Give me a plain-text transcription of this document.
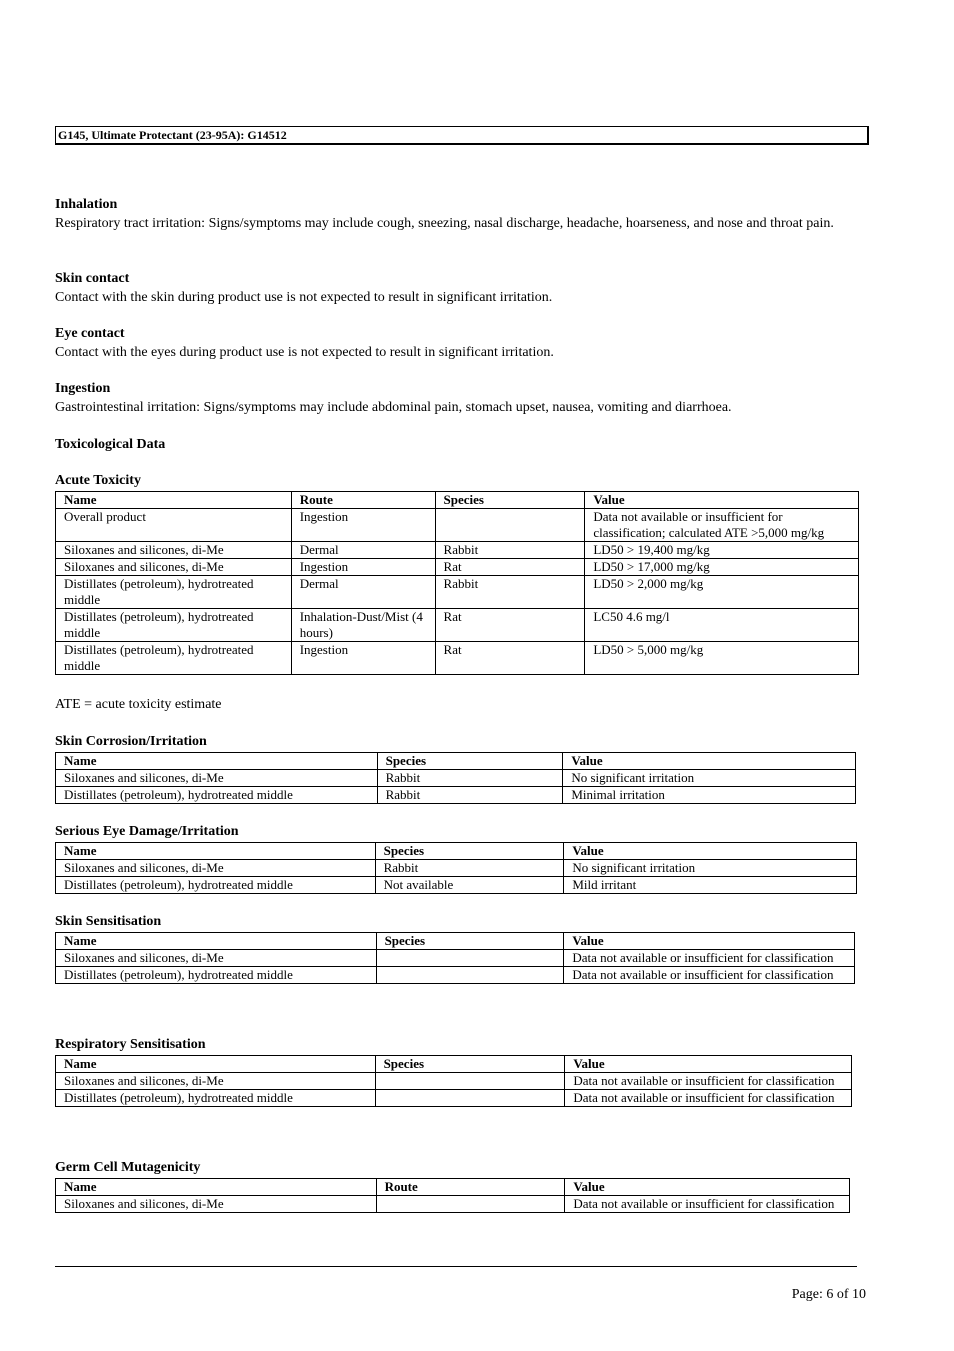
G145, Ultimate Protectant (23-95A): G14512
Inhalation
Respiratory tract irritation: Signs/symptoms may include cough, sneezing, nasal discharge, headache, hoarseness, and nose and throat pain.
Skin contact
Contact with the skin during product use is not expected to result in significant irritation.
Eye contact
Contact with the eyes during product use is not expected to result in significant irritation.
Ingestion
Gastrointestinal irritation: Signs/symptoms may include abdominal pain, stomach upset, nausea, vomiting and diarrhoea.
Toxicological Data
Acute Toxicity
Name	Route	Species	Value
Overall product	Ingestion		Data not available or insufficient for classification; calculated ATE >5,000 mg/kg
Siloxanes and silicones, di-Me	Dermal	Rabbit	LD50 > 19,400 mg/kg
Siloxanes and silicones, di-Me	Ingestion	Rat	LD50 > 17,000 mg/kg
Distillates (petroleum), hydrotreated middle	Dermal	Rabbit	LD50 > 2,000 mg/kg
Distillates (petroleum), hydrotreated middle	Inhalation-Dust/Mist (4 hours)	Rat	LC50 4.6 mg/l
Distillates (petroleum), hydrotreated middle	Ingestion	Rat	LD50 > 5,000 mg/kg
ATE = acute toxicity estimate
Skin Corrosion/Irritation
Name	Species	Value
Siloxanes and silicones, di-Me	Rabbit	No significant irritation
Distillates (petroleum), hydrotreated middle	Rabbit	Minimal irritation
Serious Eye Damage/Irritation
Name	Species	Value
Siloxanes and silicones, di-Me	Rabbit	No significant irritation
Distillates (petroleum), hydrotreated middle	Not available	Mild irritant
Skin Sensitisation
Name	Species	Value
Siloxanes and silicones, di-Me		Data not available or insufficient for classification
Distillates (petroleum), hydrotreated middle		Data not available or insufficient for classification
Respiratory Sensitisation
Name	Species	Value
Siloxanes and silicones, di-Me		Data not available or insufficient for classification
Distillates (petroleum), hydrotreated middle		Data not available or insufficient for classification
Germ Cell Mutagenicity
Name	Route	Value
Siloxanes and silicones, di-Me		Data not available or insufficient for classification
Page: 6 of 10
